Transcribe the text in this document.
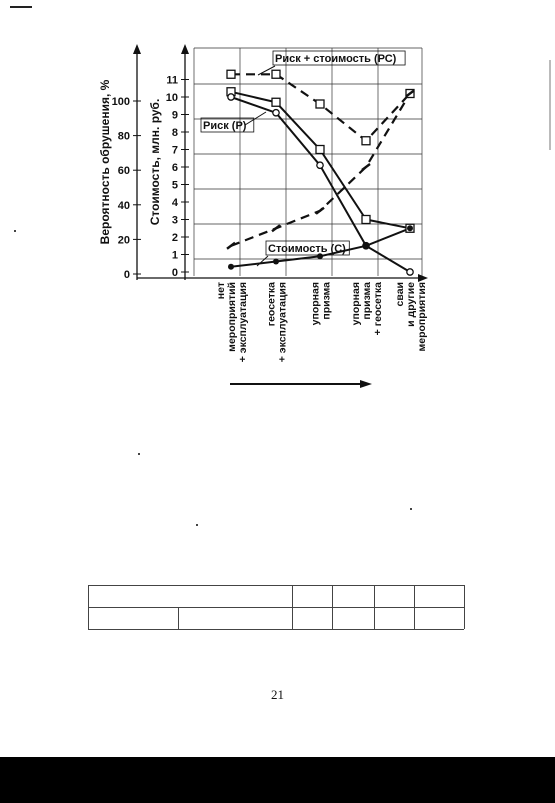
0
20
40
60
80
100
0
1
2
3
4
5
6
7
8
9
10
11
Вероятность обрушения, %	Стоимость, млн. руб.
Риск + стоимость (РС)
Риск (Р)
Стоимость (С)
нет мероприятий + эксплуатация геосетка + эксплуатация упорная призма упорная призма + геосетка сваи и другие мероприятия
21
